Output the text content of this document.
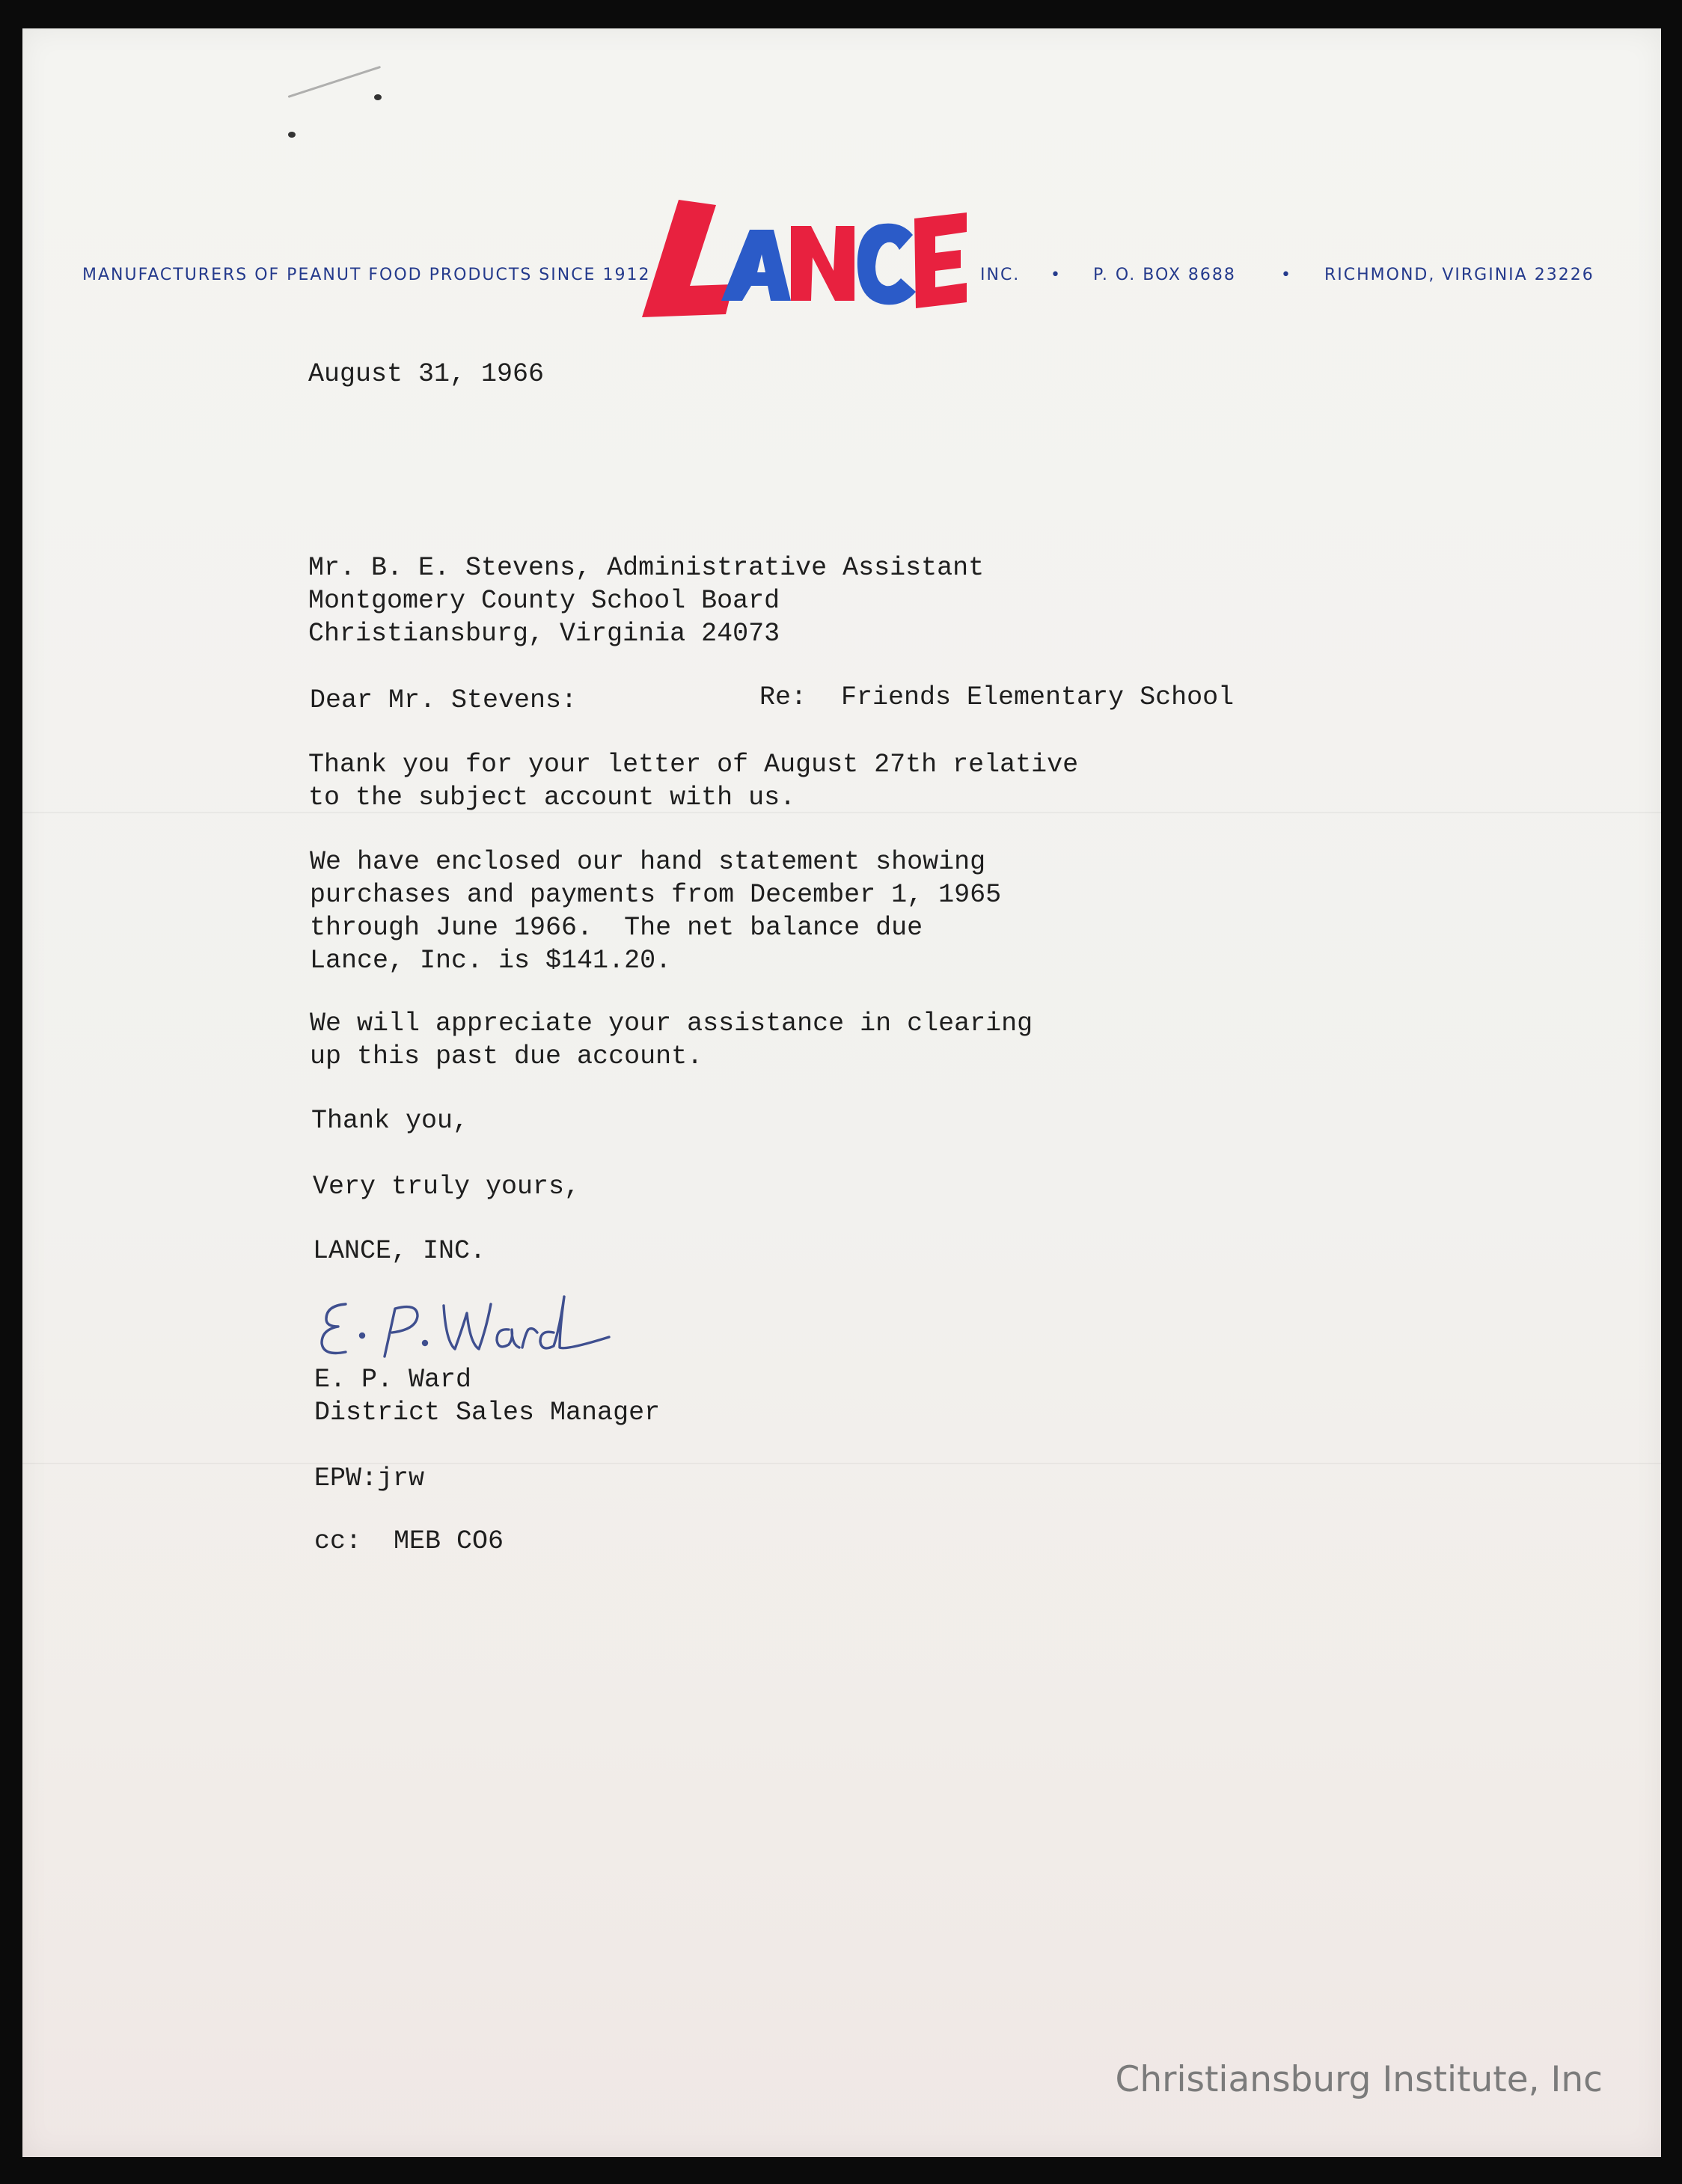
MANUFACTURERS OF PEANUT FOOD PRODUCTS SINCE 1912	INC. • P. O. BOX 8688	• RICHMOND, VIRGINIA 23226
August 31, 1966
Mr. B. E. Stevens, Administrative Assistant
Montgomery County School Board
Christiansburg, Virginia 24073
Dear Mr. Stevens:	Re: Friends Elementary School
Thank you for your letter of August 27th relative
to the subject account with us.
We have enclosed our hand statement showing
purchases and payments from December 1, 1965
through June 1966.  The net balance due
Lance, Inc. is $141.20.
We will appreciate your assistance in clearing
up this past due account.
Thank you,
Very truly yours,
LANCE, INC.
E. P. Ward
District Sales Manager
EPW:jrw
cc: MEB CO6
Christiansburg Institute, Inc
